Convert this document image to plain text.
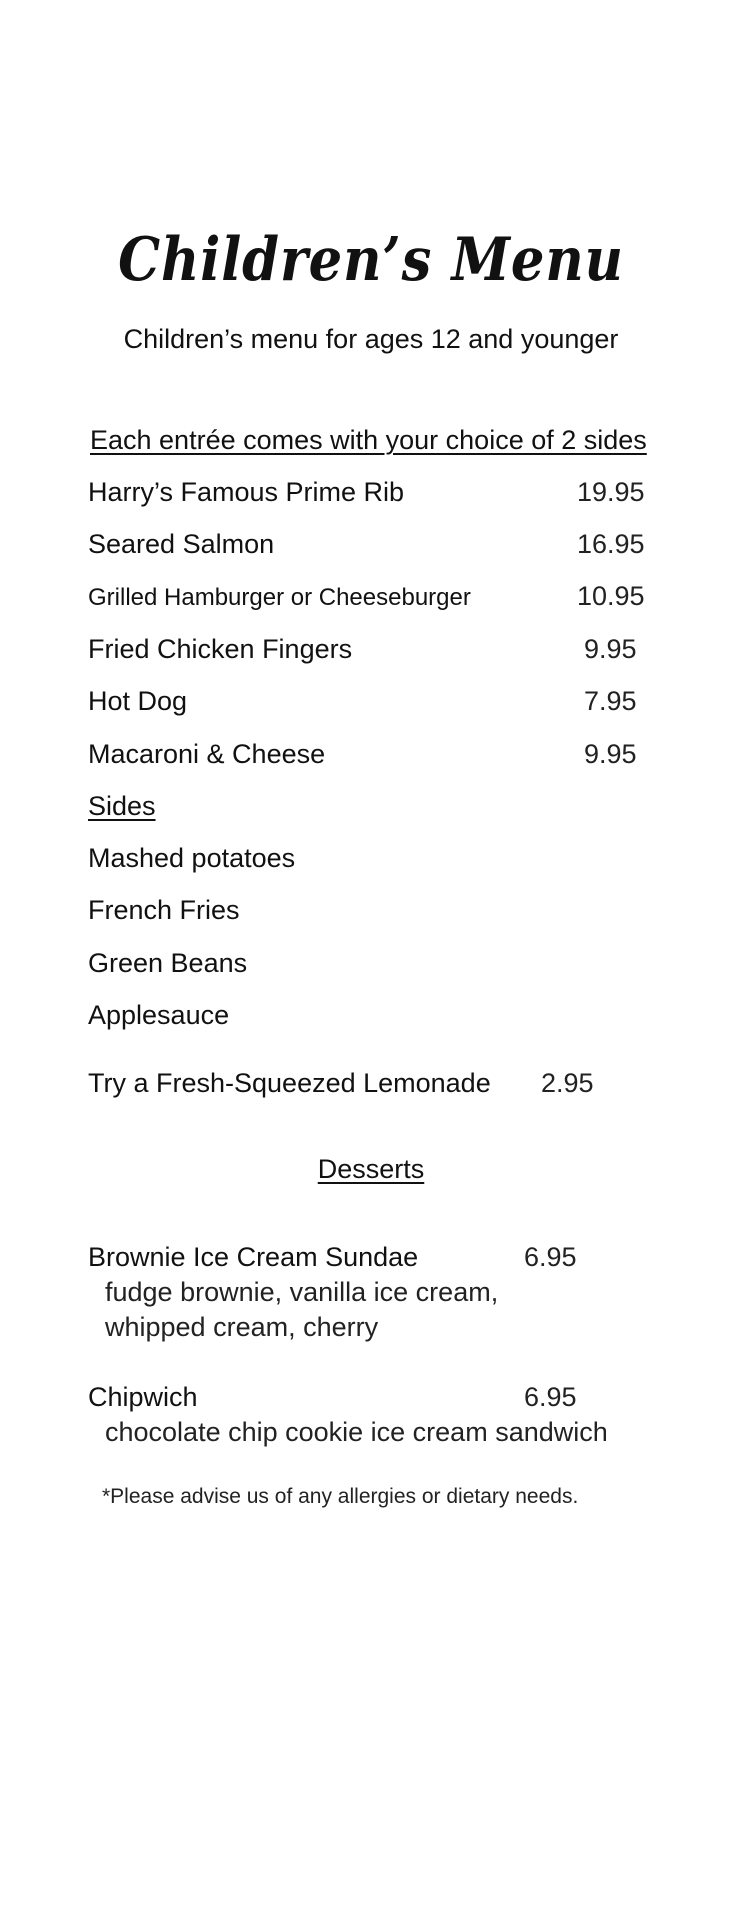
Children’s Menu
Children’s menu for ages 12 and younger
Each entrée comes with your choice of 2 sides
Harry’s Famous Prime Rib	19.95
Seared Salmon	16.95
Grilled Hamburger or Cheeseburger	10.95
Fried Chicken Fingers	9.95
Hot Dog	7.95
Macaroni & Cheese	9.95
Sides
Mashed potatoes
French Fries
Green Beans
Applesauce
Try a Fresh-Squeezed Lemonade 2.95
Desserts
Brownie Ice Cream Sundae	6.95
fudge brownie, vanilla ice cream,
whipped cream, cherry
Chipwich	6.95
chocolate chip cookie ice cream sandwich
*Please advise us of any allergies or dietary needs.
